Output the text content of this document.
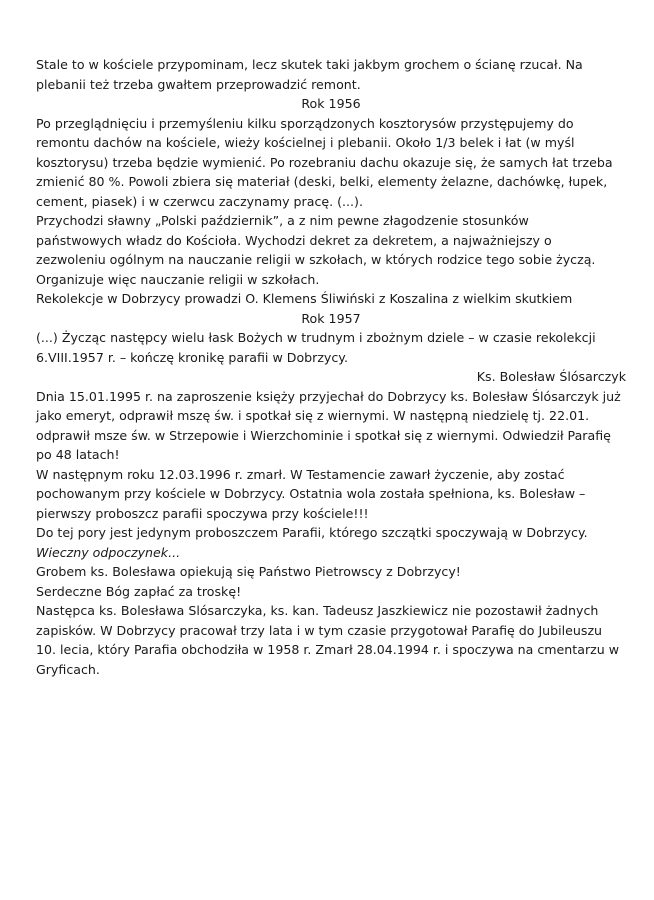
Stale to w kościele przypominam, lecz skutek taki jakbym grochem o ścianę rzucał. Na

plebanii też trzeba gwałtem przeprowadzić remont.

Rok 1956

Po przeglądnięciu i przemyśleniu kilku sporządzonych kosztorysów przystępujemy do

remontu dachów na kościele, wieży kościelnej i plebanii. Około 1/3 belek i łat (w myśl

kosztorysu) trzeba będzie wymienić. Po rozebraniu dachu okazuje się, że samych łat trzeba

zmienić 80 %. Powoli zbiera się materiał (deski, belki, elementy żelazne, dachówkę, łupek,

cement, piasek) i w czerwcu zaczynamy pracę. (...).

Przychodzi sławny „Polski październik”, a z nim pewne złagodzenie stosunków

państwowych władz do Kościoła. Wychodzi dekret za dekretem, a najważniejszy o

zezwoleniu ogólnym na nauczanie religii w szkołach, w których rodzice tego sobie życzą.

Organizuje więc nauczanie religii w szkołach.

Rekolekcje w Dobrzycy prowadzi O. Klemens Śliwiński z Koszalina z wielkim skutkiem

Rok 1957

(...) Życząc następcy wielu łask Bożych w trudnym i zbożnym dziele – w czasie rekolekcji

6.VIII.1957 r. – kończę kronikę parafii w Dobrzycy.

Ks. Bolesław Ślósarczyk

Dnia 15.01.1995 r. na zaproszenie księży przyjechał do Dobrzycy ks. Bolesław Ślósarczyk już

jako emeryt, odprawił mszę św. i spotkał się z wiernymi. W następną niedzielę tj. 22.01.

odprawił msze św. w Strzepowie i Wierzchominie i spotkał się z wiernymi. Odwiedził Parafię

po 48 latach!

W następnym roku 12.03.1996 r. zmarł. W Testamencie zawarł życzenie, aby zostać

pochowanym przy kościele w Dobrzycy. Ostatnia wola została spełniona, ks. Bolesław –

pierwszy proboszcz parafii spoczywa przy kościele!!!

Do tej pory jest jedynym proboszczem Parafii, którego szczątki spoczywają w Dobrzycy.

Wieczny odpoczynek...

Grobem ks. Bolesława opiekują się Państwo Pietrowscy z Dobrzycy!

Serdeczne Bóg zapłać za troskę!

Następca ks. Bolesława Slósarczyka, ks. kan. Tadeusz Jaszkiewicz nie pozostawił żadnych

zapisków. W Dobrzycy pracował trzy lata i w tym czasie przygotował Parafię do Jubileuszu

10. lecia, który Parafia obchodziła w 1958 r. Zmarł 28.04.1994 r. i spoczywa na cmentarzu w

Gryficach.
